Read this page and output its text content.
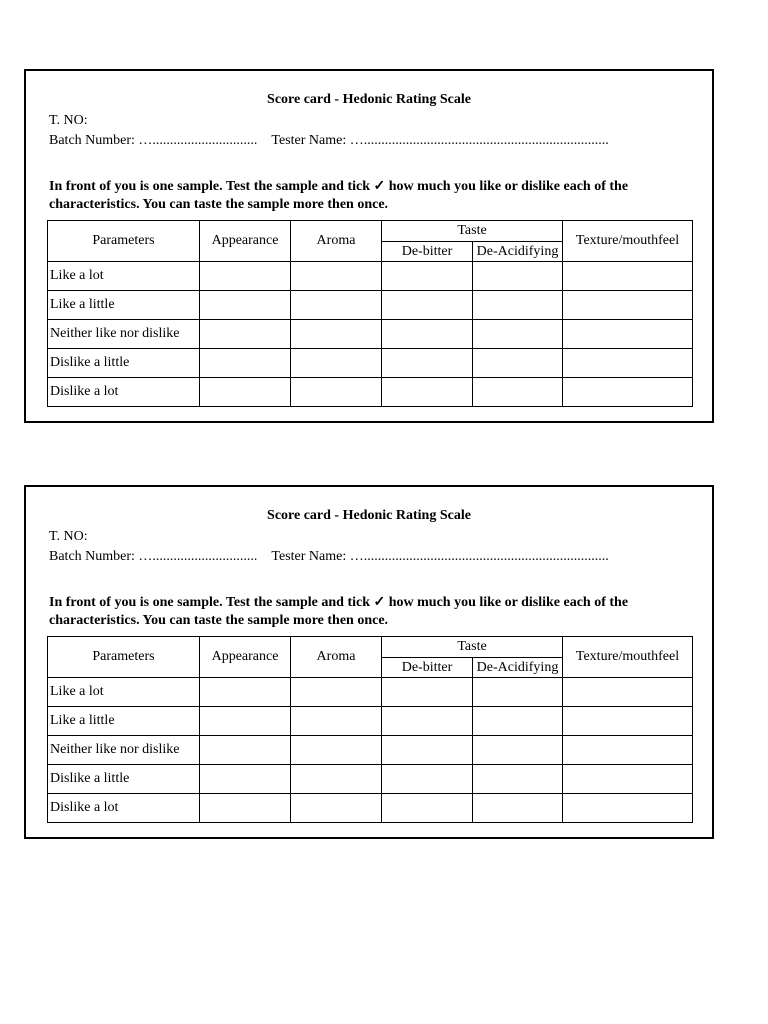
Score card - Hedonic Rating Scale
T. NO:
Batch Number: ….............................. Tester Name: …......................................................................
In front of you is one sample. Test the sample and tick ✓ how much you like or dislike each of the characteristics. You can taste the sample more then once.
Parameters	Appearance	Aroma	Taste		Texture/mouthfeel
			De-bitter	De-Acidifying	
Like a lot					
Like a little					
Neither like nor dislike					
Dislike a little					
Dislike a lot					
Score card - Hedonic Rating Scale
T. NO:
Batch Number: ….............................. Tester Name: …......................................................................
In front of you is one sample. Test the sample and tick ✓ how much you like or dislike each of the characteristics. You can taste the sample more then once.
Parameters	Appearance	Aroma	Taste		Texture/mouthfeel
			De-bitter	De-Acidifying	
Like a lot					
Like a little					
Neither like nor dislike					
Dislike a little					
Dislike a lot					
